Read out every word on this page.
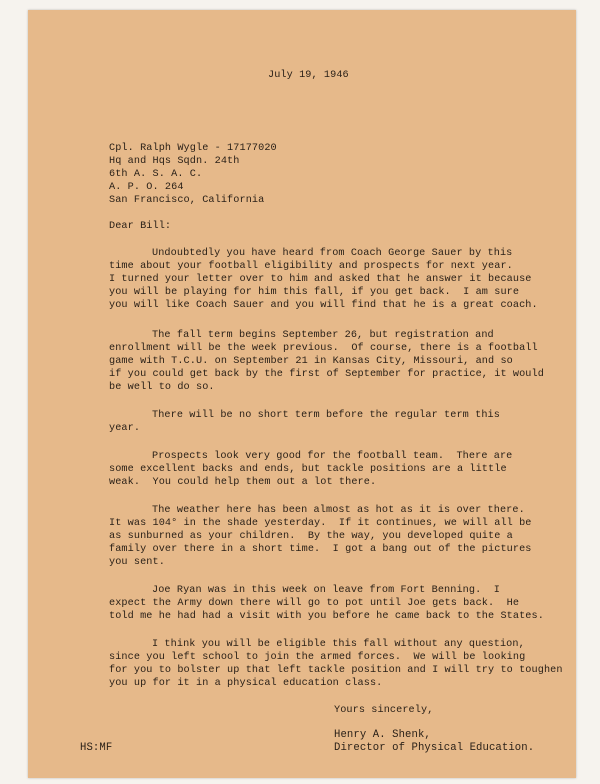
July 19, 1946
Cpl. Ralph Wygle - 17177020
Hq and Hqs Sqdn. 24th
6th A. S. A. C.
A. P. O. 264
San Francisco, California
Dear Bill:
Undoubtedly you have heard from Coach George Sauer by this
time about your football eligibility and prospects for next year.
I turned your letter over to him and asked that he answer it because
you will be playing for him this fall, if you get back.  I am sure
you will like Coach Sauer and you will find that he is a great coach.
The fall term begins September 26, but registration and
enrollment will be the week previous.  Of course, there is a football
game with T.C.U. on September 21 in Kansas City, Missouri, and so
if you could get back by the first of September for practice, it would
be well to do so.
There will be no short term before the regular term this
year.
Prospects look very good for the football team.  There are
some excellent backs and ends, but tackle positions are a little
weak.  You could help them out a lot there.
The weather here has been almost as hot as it is over there.
It was 104° in the shade yesterday.  If it continues, we will all be
as sunburned as your children.  By the way, you developed quite a
family over there in a short time.  I got a bang out of the pictures
you sent.
Joe Ryan was in this week on leave from Fort Benning.  I
expect the Army down there will go to pot until Joe gets back.  He
told me he had had a visit with you before he came back to the States.
I think you will be eligible this fall without any question,
since you left school to join the armed forces.  We will be looking
for you to bolster up that left tackle position and I will try to toughen
you up for it in a physical education class.
Yours sincerely,
Henry A. Shenk,
Director of Physical Education.
HS:MF
